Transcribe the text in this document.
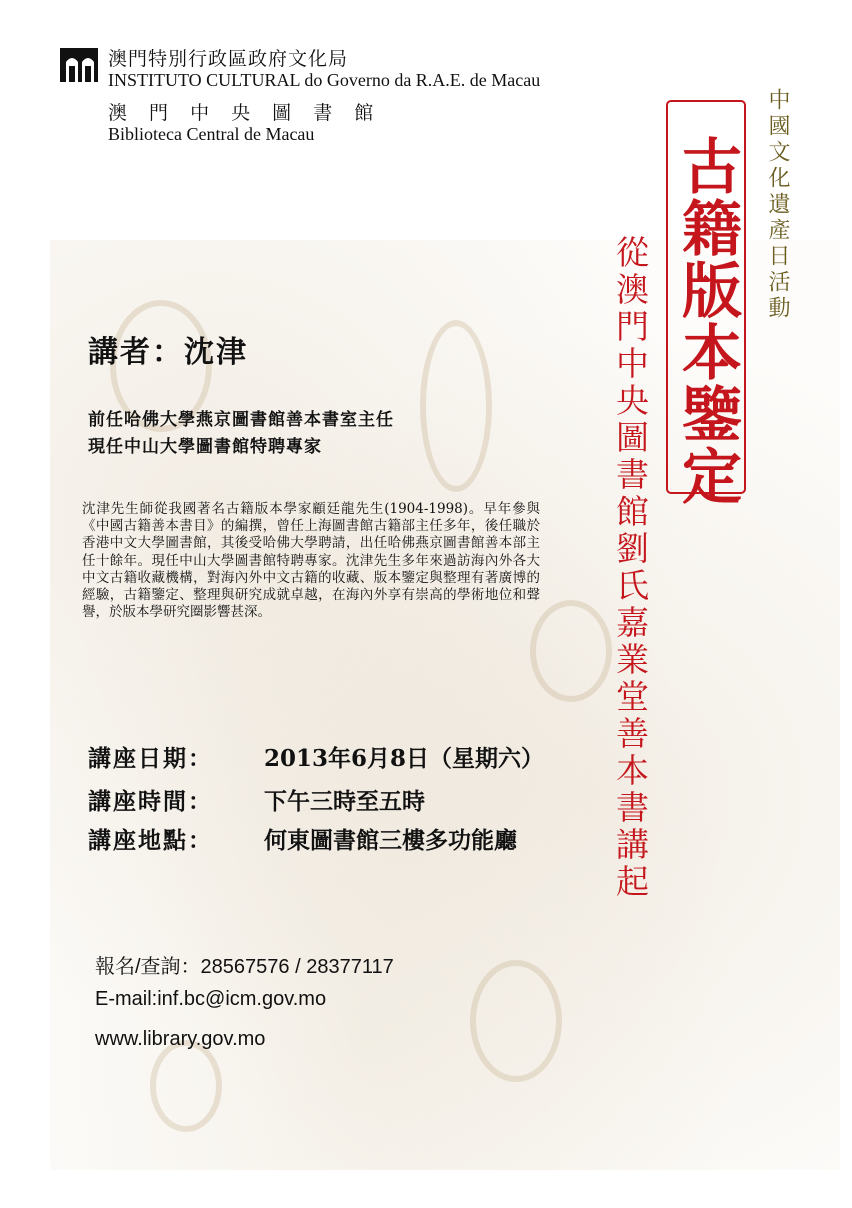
澳門特別行政區政府文化局
INSTITUTO CULTURAL do Governo da R.A.E. de Macau
澳 門 中 央 圖 書 館
Biblioteca Central de Macau	中國文化遺產日活動
古籍版本鑒定
從澳門中央圖書館劉氏嘉業堂善本書講起
講者：沈津
前任哈佛大學燕京圖書館善本書室主任
現任中山大學圖書館特聘專家
沈津先生師從我國著名古籍版本學家顧廷龍先生(1904-1998)。早年參與《中國古籍善本書目》的編撰，曾任上海圖書館古籍部主任多年，後任職於香港中文大學圖書館，其後受哈佛大學聘請，出任哈佛燕京圖書館善本部主任十餘年。現任中山大學圖書館特聘專家。沈津先生多年來過訪海內外各大中文古籍收藏機構，對海內外中文古籍的收藏、版本鑒定與整理有著廣博的經驗，古籍鑒定、整理與研究成就卓越，在海內外享有崇高的學術地位和聲譽，於版本學研究圈影響甚深。
講座日期： 2013年6月8日（星期六）
講座時間： 下午三時至五時
講座地點： 何東圖書館三樓多功能廳
報名/查詢：28567576 / 28377117
E-mail:inf.bc@icm.gov.mo
www.library.gov.mo
